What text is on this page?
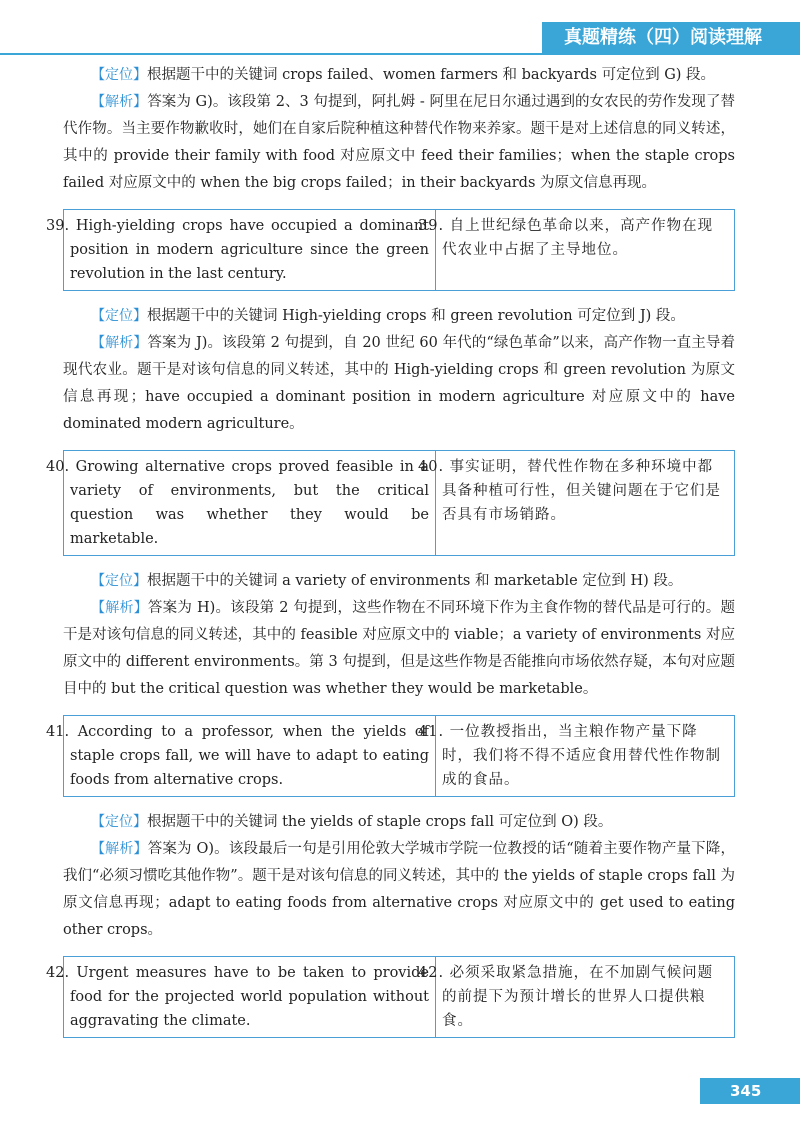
真题精练（四）阅读理解

【定位】根据题干中的关键词 crops failed、women farmers 和 backyards 可定位到 G) 段。

【解析】答案为 G)。该段第 2、3 句提到，阿扎姆 - 阿里在尼日尔通过遇到的女农民的劳作发现了替代作物。当主要作物歉收时，她们在自家后院种植这种替代作物来养家。题干是对上述信息的同义转述，其中的 provide their family with food 对应原文中 feed their families；when the staple crops failed 对应原文中的 when the big crops failed；in their backyards 为原文信息再现。

39. High-yielding crops have occupied a dominant position in modern agriculture since the green revolution in the last century.
39. 自上世纪绿色革命以来，高产作物在现代农业中占据了主导地位。

【定位】根据题干中的关键词 High-yielding crops 和 green revolution 可定位到 J) 段。

【解析】答案为 J)。该段第 2 句提到，自 20 世纪 60 年代的“绿色革命”以来，高产作物一直主导着现代农业。题干是对该句信息的同义转述，其中的 High-yielding crops 和 green revolution 为原文信息再现；have occupied a dominant position in modern agriculture 对应原文中的 have dominated modern agriculture。

40. Growing alternative crops proved feasible in a variety of environments, but the critical question was whether they would be marketable.
40. 事实证明，替代性作物在多种环境中都具备种植可行性，但关键问题在于它们是否具有市场销路。

【定位】根据题干中的关键词 a variety of environments 和 marketable 定位到 H) 段。

【解析】答案为 H)。该段第 2 句提到，这些作物在不同环境下作为主食作物的替代品是可行的。题干是对该句信息的同义转述，其中的 feasible 对应原文中的 viable；a variety of environments 对应原文中的 different environments。第 3 句提到，但是这些作物是否能推向市场依然存疑，本句对应题目中的 but the critical question was whether they would be marketable。

41. According to a professor, when the yields of staple crops fall, we will have to adapt to eating foods from alternative crops.
41. 一位教授指出，当主粮作物产量下降时，我们将不得不适应食用替代性作物制成的食品。

【定位】根据题干中的关键词 the yields of staple crops fall 可定位到 O) 段。

【解析】答案为 O)。该段最后一句是引用伦敦大学城市学院一位教授的话“随着主要作物产量下降，我们“必须习惯吃其他作物”。题干是对该句信息的同义转述，其中的 the yields of staple crops fall 为原文信息再现；adapt to eating foods from alternative crops 对应原文中的 get used to eating other crops。

42. Urgent measures have to be taken to provide food for the projected world population without aggravating the climate.
42. 必须采取紧急措施，在不加剧气候问题的前提下为预计增长的世界人口提供粮食。
345
